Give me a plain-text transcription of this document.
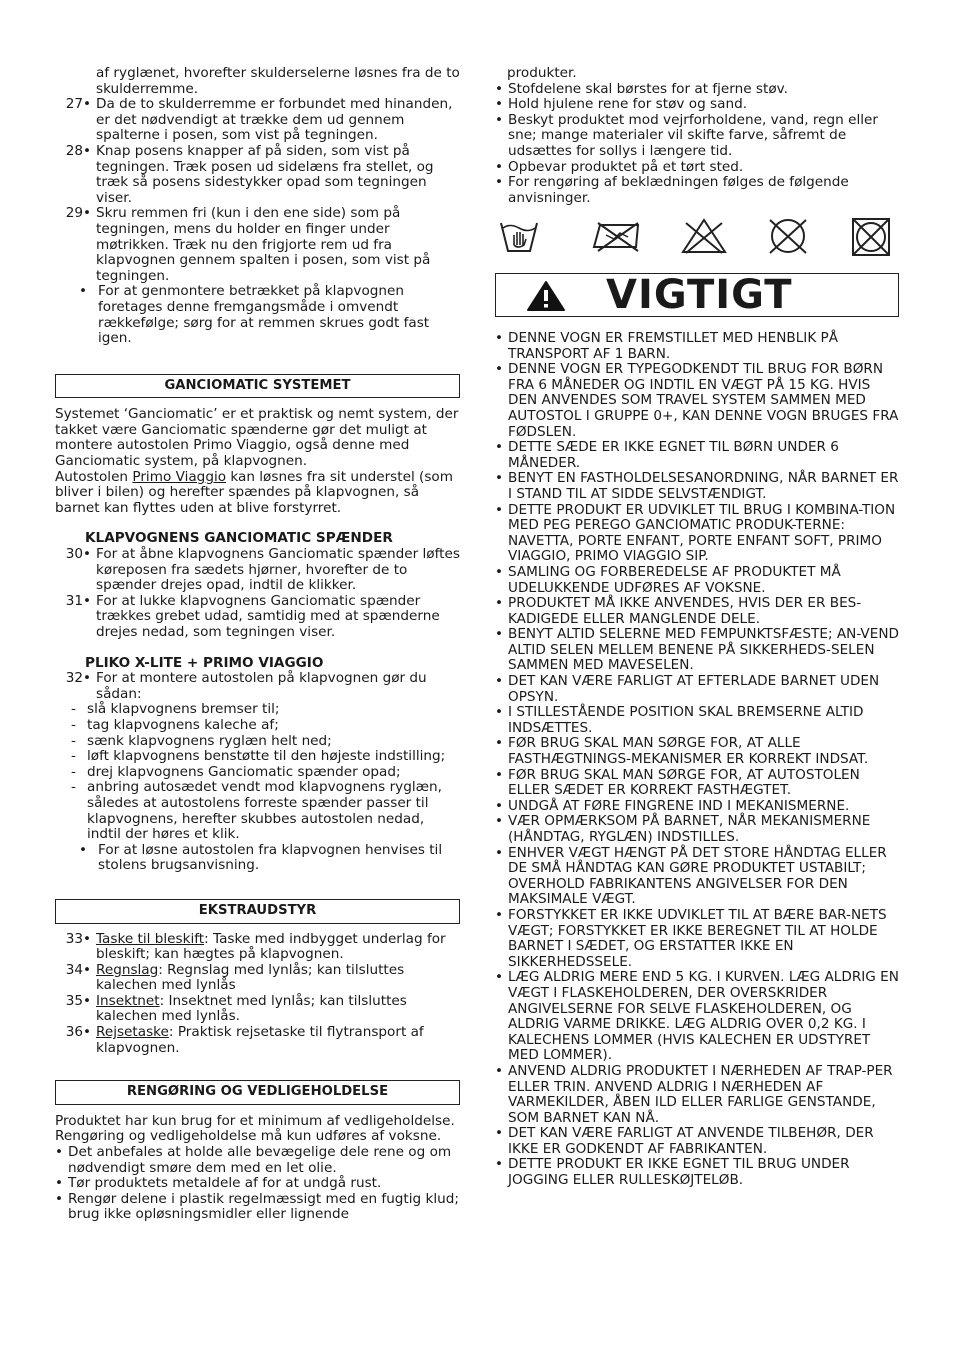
af ryglænet, hvorefter skulderselerne løsnes fra de to skulderremme.
27 • Da de to skulderremme er forbundet med hinanden, er det nødvendigt at trække dem ud gennem spalterne i posen, som vist på tegningen.
28 • Knap posens knapper af på siden, som vist på tegningen. Træk posen ud sidelæns fra stellet, og træk så posens sidestykker opad som tegningen viser.
29 • Skru remmen fri (kun i den ene side) som på tegningen, mens du holder en finger under møtrikken. Træk nu den frigjorte rem ud fra klapvognen gennem spalten i posen, som vist på tegningen.
• For at genmontere betrækket på klapvognen foretages denne fremgangsmåde i omvendt rækkefølge; sørg for at remmen skrues godt fast igen.
GANCIOMATIC SYSTEMET

Systemet ‘Ganciomatic’ er et praktisk og nemt system, der takket være Ganciomatic spænderne gør det muligt at montere autostolen Primo Viaggio, også denne med Ganciomatic system, på klapvognen.

Autostolen Primo Viaggio kan løsnes fra sit understel (som bliver i bilen) og herefter spændes på klapvognen, så barnet kan flyttes uden at blive forstyrret.

KLAPVOGNENS GANCIOMATIC SPÆNDER
30 • For at åbne klapvognens Ganciomatic spænder løftes køreposen fra sædets hjørner, hvorefter de to spænder drejes opad, indtil de klikker.
31 • For at lukke klapvognens Ganciomatic spænder trækkes grebet udad, samtidig med at spænderne drejes nedad, som tegningen viser.
PLIKO X-LITE + PRIMO VIAGGIO
32 • For at montere autostolen på klapvognen gør du sådan:
- slå klapvognens bremser til;
- tag klapvognens kaleche af;
- sænk klapvognens ryglæn helt ned;
- løft klapvognens benstøtte til den højeste indstilling;
- drej klapvognens Ganciomatic spænder opad;
- anbring autosædet vendt mod klapvognens ryglæn, således at autostolens forreste spænder passer til klapvognens, herefter skubbes autostolen nedad, indtil der høres et klik.
• For at løsne autostolen fra klapvognen henvises til stolens brugsanvisning.
EKSTRAUDSTYR
33 • Taske til bleskift: Taske med indbygget underlag for bleskift; kan hægtes på klapvognen.
34 • Regnslag: Regnslag med lynlås; kan tilsluttes kalechen med lynlås
35 • Insektnet: Insektnet med lynlås; kan tilsluttes kalechen med lynlås.
36 • Rejsetaske: Praktisk rejsetaske til flytransport af klapvognen.
RENGØRING OG VEDLIGEHOLDELSE

Produktet har kun brug for et minimum af vedligeholdelse. Rengøring og vedligeholdelse må kun udføres af voksne.

• Det anbefales at holde alle bevægelige dele rene og om nødvendigt smøre dem med en let olie.
• Tør produktets metaldele af for at undgå rust.
• Rengør delene i plastik regelmæssigt med en fugtig klud; brug ikke opløsningsmidler eller lignende

produkter.

• Stofdelene skal børstes for at fjerne støv.
• Hold hjulene rene for støv og sand.
• Beskyt produktet mod vejrforholdene, vand, regn eller sne; mange materialer vil skifte farve, såfremt de udsættes for sollys i længere tid.
• Opbevar produktet på et tørt sted.
• For rengøring af beklædningen følges de følgende anvisninger.
VIGTIGT
• DENNE VOGN ER FREMSTILLET MED HENBLIK PÅ TRANSPORT AF 1 BARN.
• DENNE VOGN ER TYPEGODKENDT TIL BRUG FOR BØRN FRA 6 MÅNEDER OG INDTIL EN VÆGT PÅ 15 KG. HVIS DEN ANVENDES SOM TRAVEL SYSTEM SAMMEN MED AUTOSTOL I GRUPPE 0+, KAN DENNE VOGN BRUGES FRA FØDSLEN.
• DETTE SÆDE ER IKKE EGNET TIL BØRN UNDER 6 MÅNEDER.
• BENYT EN FASTHOLDELSESANORDNING, NÅR BARNET ER I STAND TIL AT SIDDE SELVSTÆNDIGT.
• DETTE PRODUKT ER UDVIKLET TIL BRUG I KOMBINA-TION MED PEG PEREGO GANCIOMATIC PRODUK-TERNE: NAVETTA, PORTE ENFANT, PORTE ENFANT SOFT, PRIMO VIAGGIO, PRIMO VIAGGIO SIP.
• SAMLING OG FORBEREDELSE AF PRODUKTET MÅ UDELUKKENDE UDFØRES AF VOKSNE.
• PRODUKTET MÅ IKKE ANVENDES, HVIS DER ER BES-KADIGEDE ELLER MANGLENDE DELE.
• BENYT ALTID SELERNE MED FEMPUNKTSFÆSTE; AN-VEND ALTID SELEN MELLEM BENENE PÅ SIKKERHEDS-SELEN SAMMEN MED MAVESELEN.
• DET KAN VÆRE FARLIGT AT EFTERLADE BARNET UDEN OPSYN.
• I STILLESTÅENDE POSITION SKAL BREMSERNE ALTID INDSÆTTES.
• FØR BRUG SKAL MAN SØRGE FOR, AT ALLE FASTHÆGTNINGS-MEKANISMER ER KORREKT INDSAT.
• FØR BRUG SKAL MAN SØRGE FOR, AT AUTOSTOLEN ELLER SÆDET ER KORREKT FASTHÆGTET.
• UNDGÅ AT FØRE FINGRENE IND I MEKANISMERNE.
• VÆR OPMÆRKSOM PÅ BARNET, NÅR MEKANISMERNE (HÅNDTAG, RYGLÆN) INDSTILLES.
• ENHVER VÆGT HÆNGT PÅ DET STORE HÅNDTAG ELLER DE SMÅ HÅNDTAG KAN GØRE PRODUKTET USTABILT; OVERHOLD FABRIKANTENS ANGIVELSER FOR DEN MAKSIMALE VÆGT.
• FORSTYKKET ER IKKE UDVIKLET TIL AT BÆRE BAR-NETS VÆGT; FORSTYKKET ER IKKE BEREGNET TIL AT HOLDE BARNET I SÆDET, OG ERSTATTER IKKE EN SIKKERHEDSSELE.
• LÆG ALDRIG MERE END 5 KG. I KURVEN. LÆG ALDRIG EN VÆGT I FLASKEHOLDEREN, DER OVERSKRIDER ANGIVELSERNE FOR SELVE FLASKEHOLDEREN, OG ALDRIG VARME DRIKKE. LÆG ALDRIG OVER 0,2 KG. I KALECHENS LOMMER (HVIS KALECHEN ER UDSTYRET MED LOMMER).
• ANVEND ALDRIG PRODUKTET I NÆRHEDEN AF TRAP-PER ELLER TRIN. ANVEND ALDRIG I NÆRHEDEN AF VARMEKILDER, ÅBEN ILD ELLER FARLIGE GENSTANDE, SOM BARNET KAN NÅ.
• DET KAN VÆRE FARLIGT AT ANVENDE TILBEHØR, DER IKKE ER GODKENDT AF FABRIKANTEN.
• DETTE PRODUKT ER IKKE EGNET TIL BRUG UNDER JOGGING ELLER RULLESKØJTELØB.
